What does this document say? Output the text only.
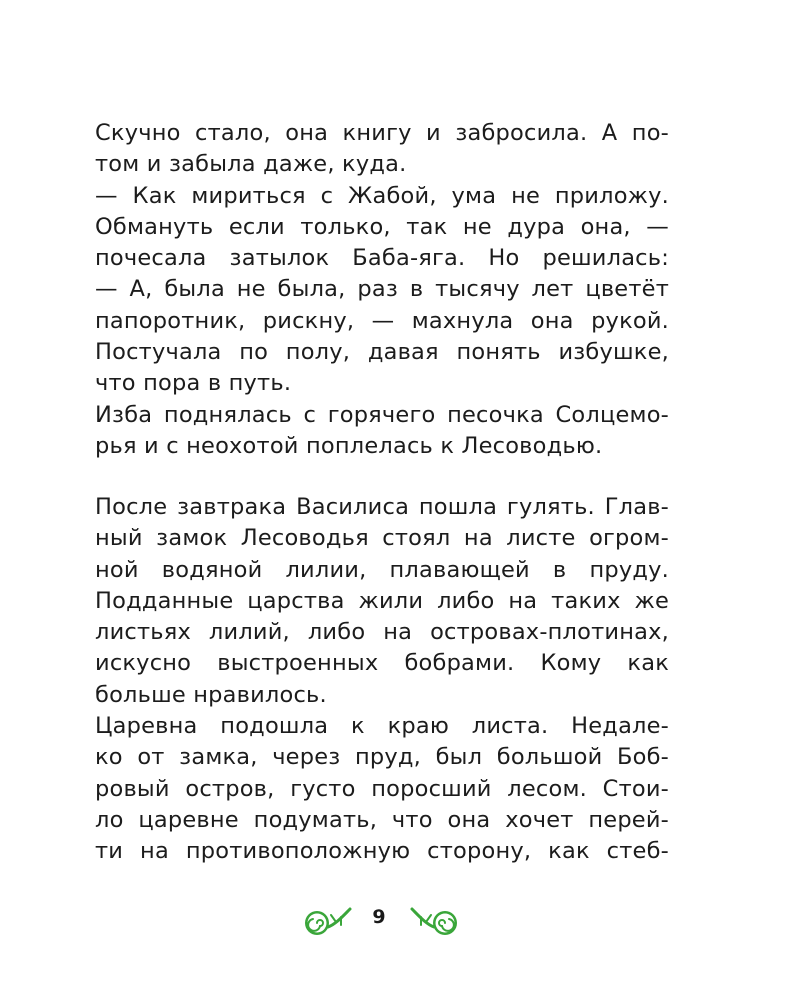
Скучно стало, она книгу и забросила. А по-
том и забыла даже, куда.
— Как мириться с Жабой, ума не приложу.
Обмануть если только, так не дура она, —
почесала затылок Баба-яга. Но решилась:
— А, была не была, раз в тысячу лет цветёт
папоротник, рискну, — махнула она рукой.
Постучала по полу, давая понять избушке,
что пора в путь.
Изба поднялась с горячего песочка Солцемо-
рья и с неохотой поплелась к Лесоводью.
После завтрака Василиса пошла гулять. Глав-
ный замок Лесоводья стоял на листе огром-
ной водяной лилии, плавающей в пруду.
Подданные царства жили либо на таких же
листьях лилий, либо на островах-плотинах,
искусно выстроенных бобрами. Кому как
больше нравилось.
Царевна подошла к краю листа. Недале-
ко от замка, через пруд, был большой Боб-
ровый остров, густо поросший лесом. Стои-
ло царевне подумать, что она хочет перей-
ти на противоположную сторону, как стеб-
9
